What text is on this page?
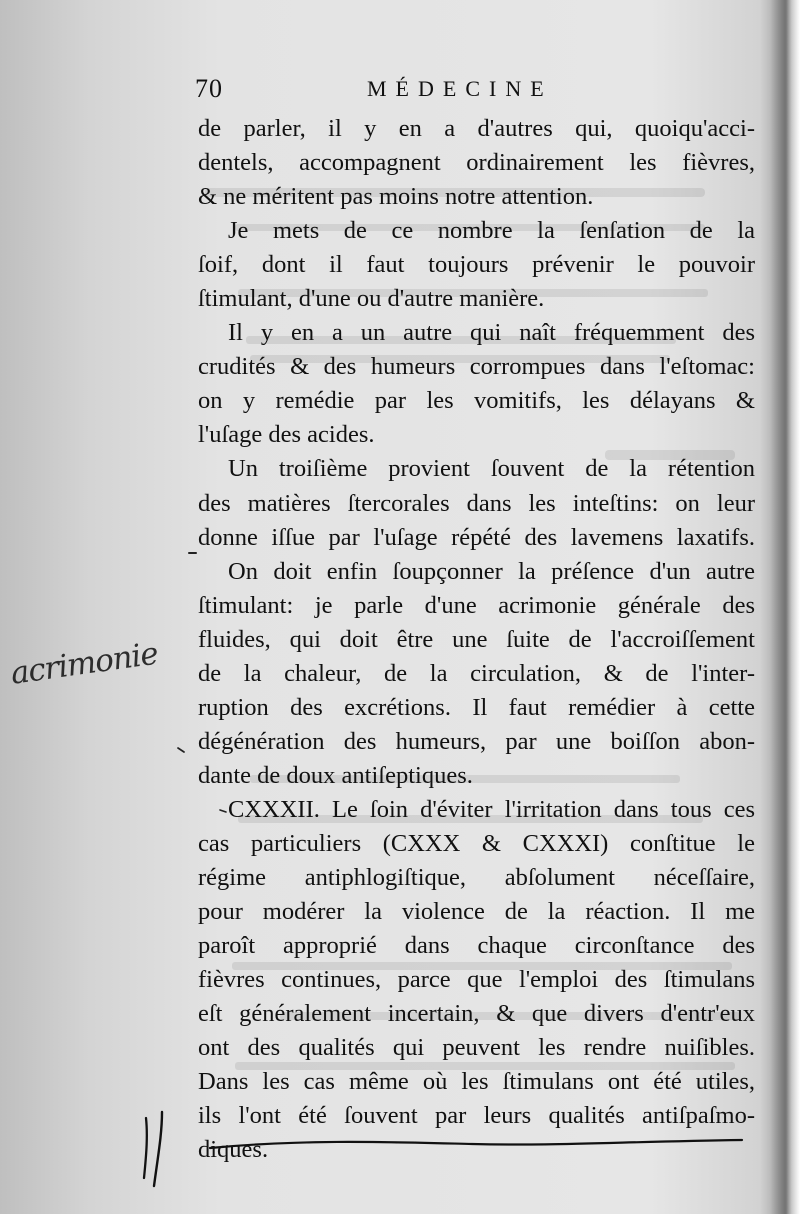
70	MÉDECINE
de parler, il y en a d'autres qui, quoiqu'acci-
dentels, accompagnent ordinairement les fièvres,
& ne méritent pas moins notre attention.
Je mets de ce nombre la ſenſation de la
ſoif, dont il faut toujours prévenir le pouvoir
ſtimulant, d'une ou d'autre manière.
Il y en a un autre qui naît fréquemment des
crudités & des humeurs corrompues dans l'eſtomac:
on y remédie par les vomitifs, les délayans &
l'uſage des acides.
Un troiſième provient ſouvent de la rétention
des matières ſtercorales dans les inteſtins: on leur
donne iſſue par l'uſage répété des lavemens laxatifs.
On doit enfin ſoupçonner la préſence d'un autre
ſtimulant: je parle d'une acrimonie générale des
fluides, qui doit être une ſuite de l'accroiſſement
de la chaleur, de la circulation, & de l'inter-
ruption des excrétions. Il faut remédier à cette
dégénération des humeurs, par une boiſſon abon-
dante de doux antiſeptiques.
CXXXII. Le ſoin d'éviter l'irritation dans tous ces
cas particuliers (CXXX & CXXXI) conſtitue le
régime antiphlogiſtique, abſolument néceſſaire,
pour modérer la violence de la réaction. Il me
paroît approprié dans chaque circonſtance des
fièvres continues, parce que l'emploi des ſtimulans
eſt généralement incertain, & que divers d'entr'eux
ont des qualités qui peuvent les rendre nuiſibles.
Dans les cas même où les ſtimulans ont été utiles,
ils l'ont été ſouvent par leurs qualités antiſpaſmo-
diques.
acrimonie
